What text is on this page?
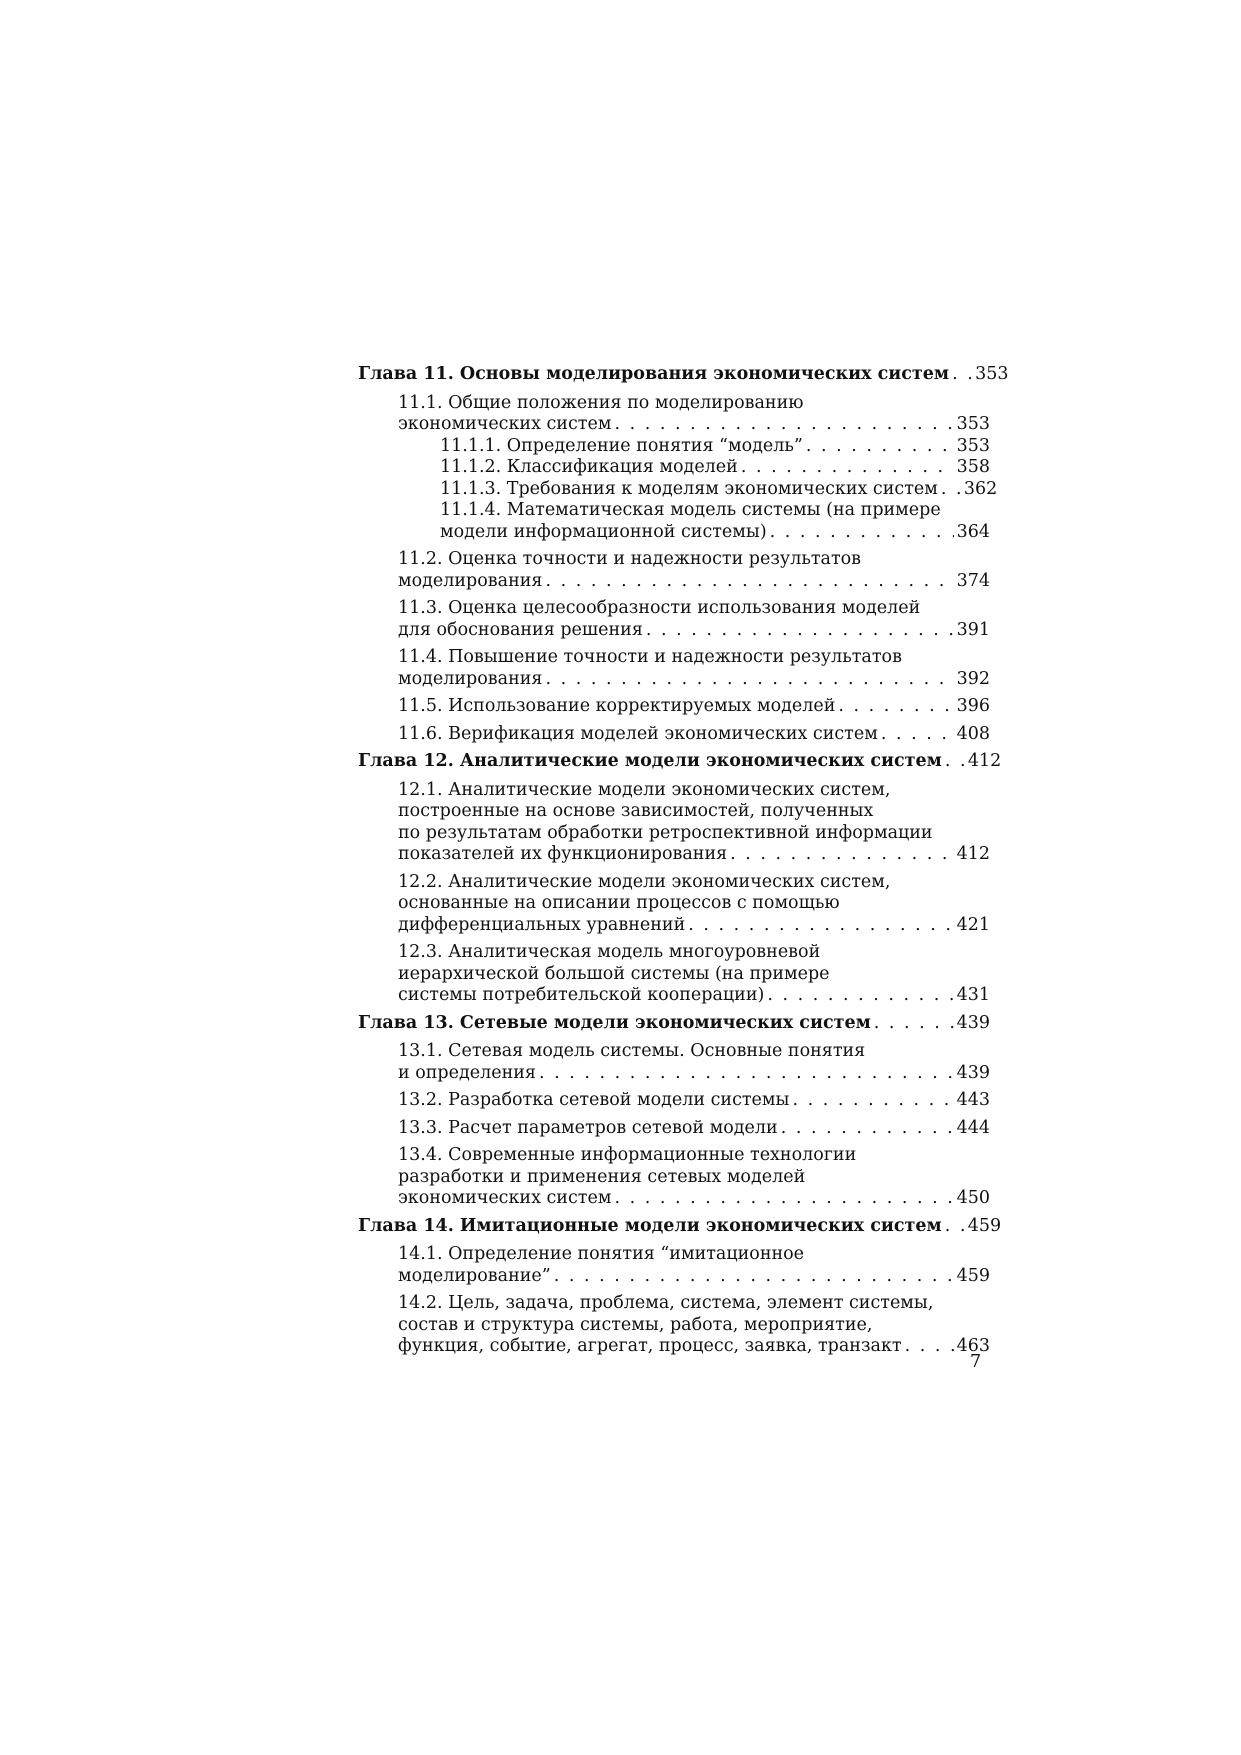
Глава 11. Основы моделирования экономических систем . . . 353
11.1. Общие положения по моделированию
экономических систем . . .	353
11.1.1. Определение понятия “модель” . . .	353
11.1.2. Классификация моделей . . .	358
11.1.3. Требования к моделям экономических систем . . . 362
11.1.4. Математическая модель системы (на примере
модели информационной системы) . . .	364
11.2. Оценка точности и надежности результатов
моделирования . . .	374
11.3. Оценка целесообразности использования моделей
для обоснования решения . . .	391
11.4. Повышение точности и надежности результатов
моделирования . . .	392
11.5. Использование корректируемых моделей . . .	396
11.6. Верификация моделей экономических систем . . .	408
Глава 12. Аналитические модели экономических систем . . . 412
12.1. Аналитические модели экономических систем,
построенные на основе зависимостей, полученных
по результатам обработки ретроспективной информации
показателей их функционирования . . .	412
12.2. Аналитические модели экономических систем,
основанные на описании процессов с помощью
дифференциальных уравнений . . .	421
12.3. Аналитическая модель многоуровневой
иерархической большой системы (на примере
системы потребительской кооперации) . . .	431
Глава 13. Сетевые модели экономических систем . . .	439
13.1. Сетевая модель системы. Основные понятия
и определения . . .	439
13.2. Разработка сетевой модели системы . . .	443
13.3. Расчет параметров сетевой модели . . .	444
13.4. Современные информационные технологии
разработки и применения сетевых моделей
экономических систем . . .	450
Глава 14. Имитационные модели экономических систем . . . 459
14.1. Определение понятия “имитационное
моделирование” . . .	459
14.2. Цель, задача, проблема, система, элемент системы,
состав и структура системы, работа, мероприятие,
функция, событие, агрегат, процесс, заявка, транзакт . . .	463
7
